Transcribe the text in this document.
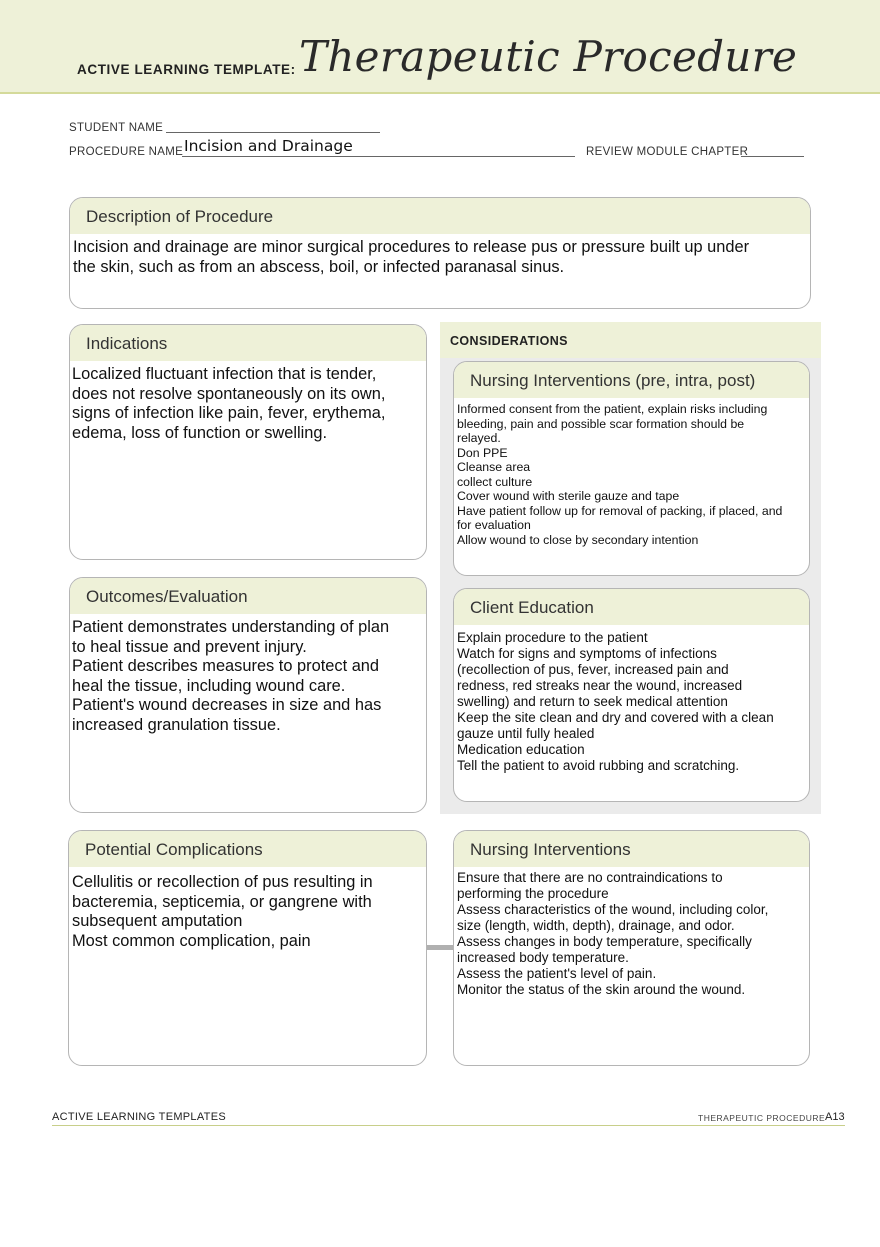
ACTIVE LEARNING TEMPLATE: Therapeutic Procedure
STUDENT NAME
PROCEDURE NAME Incision and Drainage	REVIEW MODULE CHAPTER
Description of Procedure
Incision and drainage are minor surgical procedures to release pus or pressure built up under
the skin, such as from an abscess, boil, or infected paranasal sinus.
Indications
Localized fluctuant infection that is tender,
does not resolve spontaneously on its own,
signs of infection like pain, fever, erythema,
edema, loss of function or swelling.
Outcomes/Evaluation
Patient demonstrates understanding of plan
to heal tissue and prevent injury.
Patient describes measures to protect and
heal the tissue, including wound care.
Patient's wound decreases in size and has
increased granulation tissue.
CONSIDERATIONS
Nursing Interventions (pre, intra, post)
Informed consent from the patient, explain risks including
bleeding, pain and possible scar formation should be
relayed.
Don PPE
Cleanse area
collect culture
Cover wound with sterile gauze and tape
Have patient follow up for removal of packing, if placed, and
for evaluation
Allow wound to close by secondary intention
Client Education
Explain procedure to the patient
Watch for signs and symptoms of infections
(recollection of pus, fever, increased pain and
redness, red streaks near the wound, increased
swelling) and return to seek medical attention
Keep the site clean and dry and covered with a clean
gauze until fully healed
Medication education
Tell the patient to avoid rubbing and scratching.
Potential Complications
Cellulitis or recollection of pus resulting in
bacteremia, septicemia, or gangrene with
subsequent amputation
Most common complication, pain
Nursing Interventions
Ensure that there are no contraindications to
performing the procedure
Assess characteristics of the wound, including color,
size (length, width, depth), drainage, and odor.
Assess changes in body temperature, specifically
increased body temperature.
Assess the patient's level of pain.
Monitor the status of the skin around the wound.
ACTIVE LEARNING TEMPLATES	THERAPEUTIC PROCEDURE A13
